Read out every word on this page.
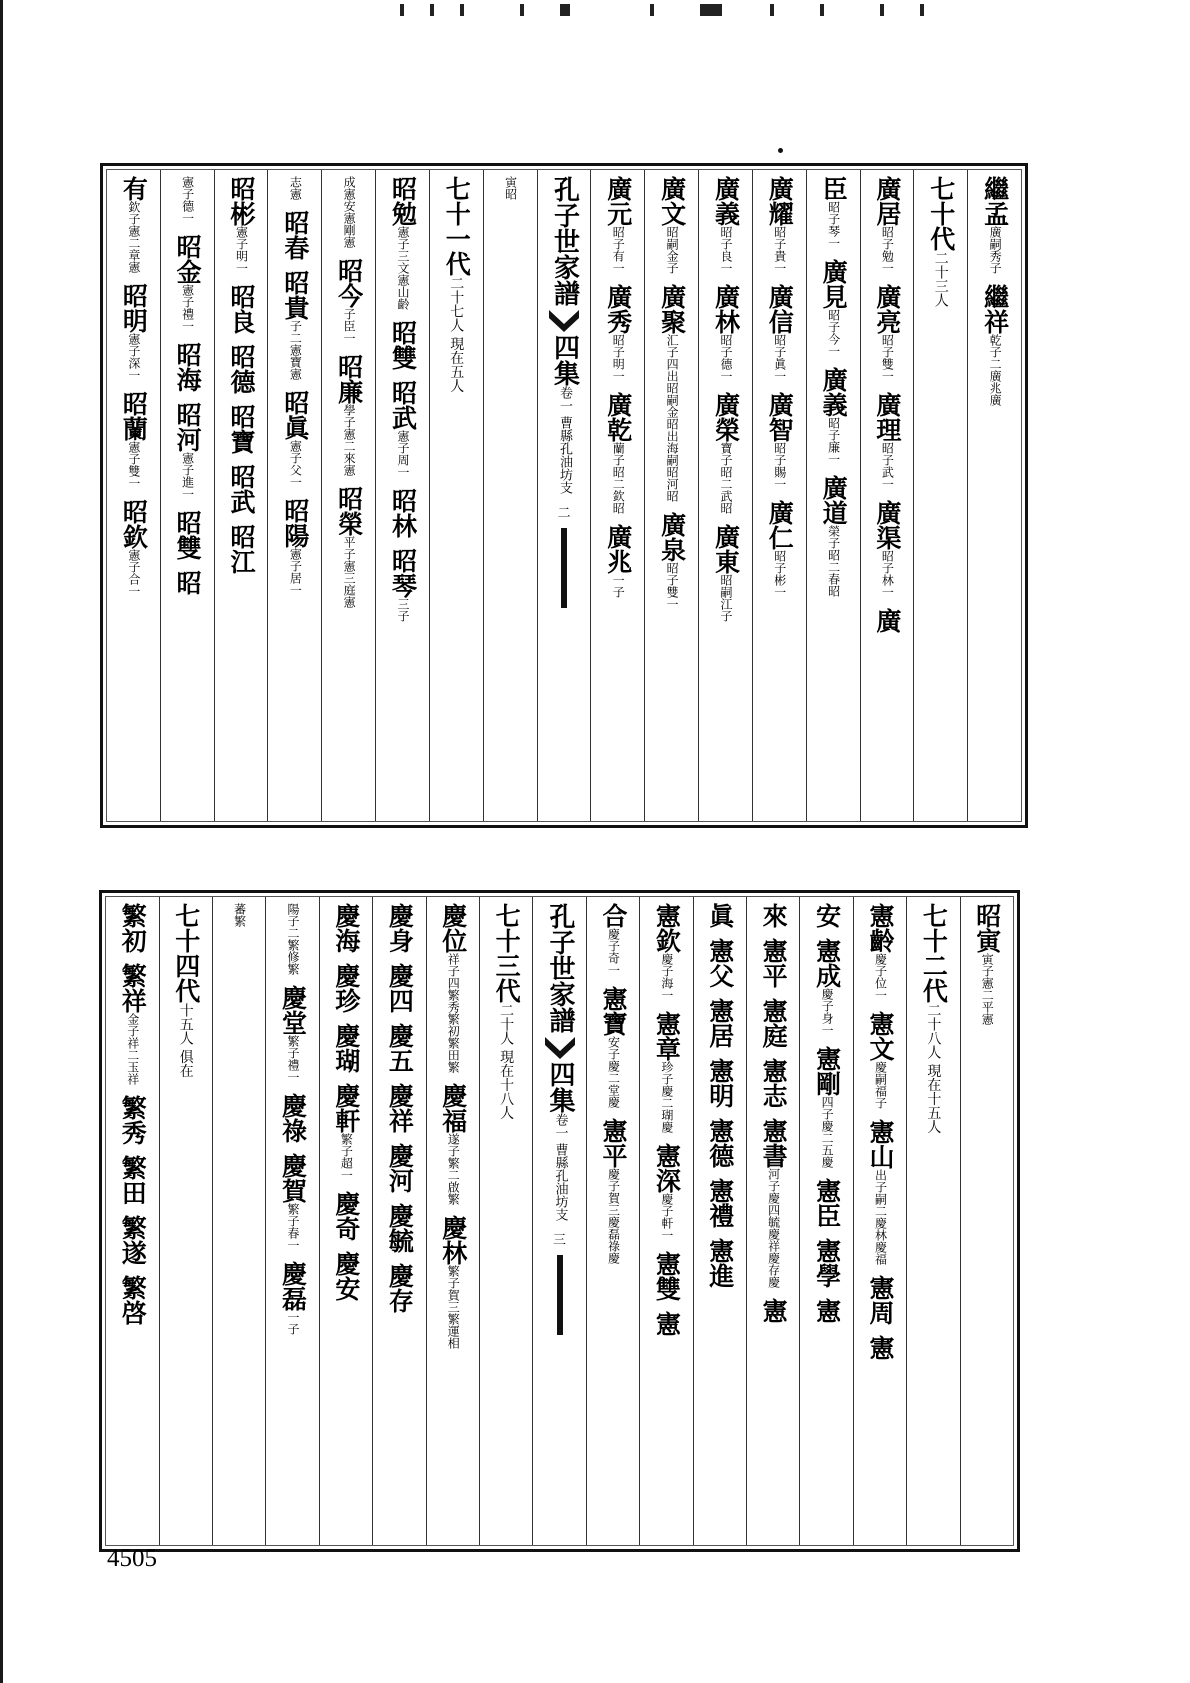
繼孟
廣嗣秀子
繼祥
乾子二廣兆廣
七十代
二十三人
廣居
昭子勉一
廣亮
昭子雙一
廣理
昭子武一
廣渠
昭子林一
廣
臣
昭子琴一
廣見
昭子今一
廣義
昭子廉一
廣道
榮子昭二春昭
廣耀
昭子貴一
廣信
昭子眞一
廣智
昭子賜一
廣仁
昭子彬一
廣義
昭子良一
廣林
昭子德一
廣榮
寶子昭二武昭
廣東
昭嗣江子
廣文
昭嗣金子
廣聚
汇子四出昭嗣金昭出海嗣昭河昭
廣泉
昭子雙一
廣元
昭子有一
廣秀
昭子明一
廣乾
蘭子昭二欽昭
廣兆
一子
孔子世家譜
四集
卷一
曹縣孔油坊支
二
寅昭
七十一代
二十七人 現在五人
昭勉
憲子三文憲山齡
昭雙
昭武
憲子周一
昭林
昭琴
三子
成憲安憲剛憲
昭今
子臣一
昭廉
學子憲二來憲
昭榮
平子憲三庭憲
志憲
昭春
昭貴
子二憲寶憲
昭眞
憲子父一
昭陽
憲子居一
昭彬
憲子明一
昭良
昭德
昭寶
昭武
昭江
憲子德一
昭金
憲子禮一
昭海
昭河
憲子進一
昭雙
昭
有
欽子憲二章憲
昭明
憲子深一
昭蘭
憲子雙一
昭欽
憲子合一
昭寅
寅子憲二平憲
七十二代
二十八人 現在十五人
憲齡
慶子位一
憲文
慶嗣福子
憲山
出子嗣二慶林慶福
憲周
憲
安
憲成
慶子身一
憲剛
四子慶二五慶
憲臣
憲學
憲
來
憲平
憲庭
憲志
憲書
河子慶四毓慶祥慶存慶
憲
眞
憲父
憲居
憲明
憲德
憲禮
憲進
憲欽
慶子海一
憲章
珍子慶二瑚慶
憲深
慶子軒一
憲雙
憲
合
慶子奇一
憲寶
安子慶二堂慶
憲平
慶子賀三慶磊祿慶
孔子世家譜
四集
卷一
曹縣孔油坊支
三
七十三代
二十人 現在十八人
慶位
祥子四繁秀繁初繁田繁
慶福
遂子繁二啟繁
慶林
繁子賀三繁運相
慶身
慶四
慶五
慶祥
慶河
慶毓
慶存
慶海
慶珍
慶瑚
慶軒
繁子超一
慶奇
慶安
陽子二繁修繁
慶堂
繁子禮一
慶祿
慶賀
繁子春一
慶磊
一子
蕃繁
七十四代
十五人 俱在
繁初
繁祥
金子祥二玉祥
繁秀
繁田
繁遂
繁啓
4505
